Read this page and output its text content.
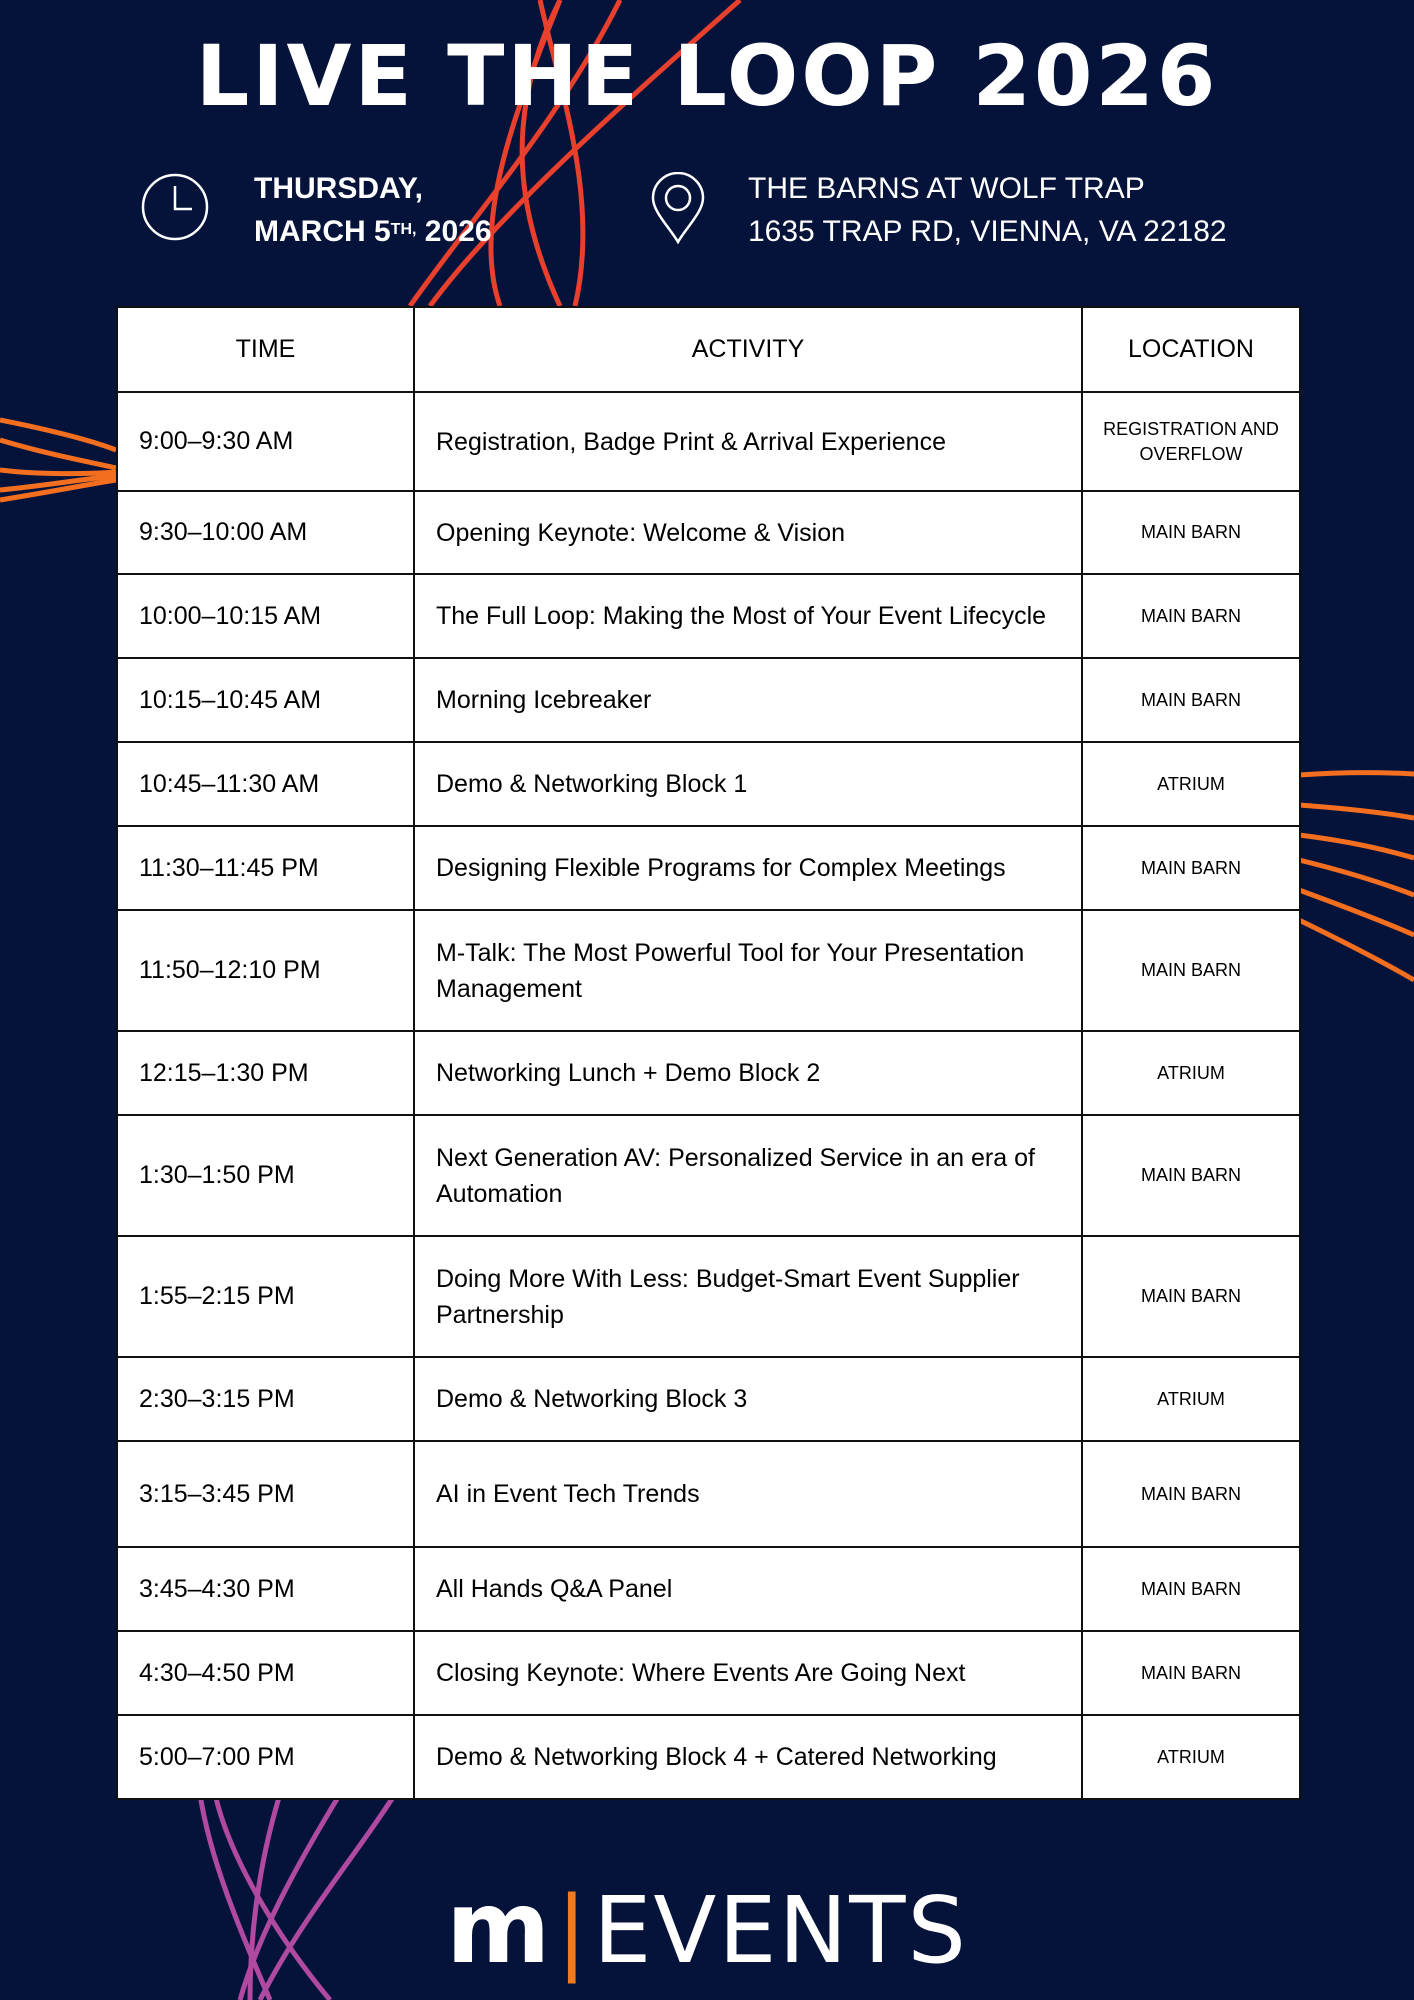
LIVE THE LOOP 2026
THURSDAY,
MARCH $5^{TH,}$ 2026
THE BARNS AT WOLF TRAP
1635 TRAP RD, VIENNA, VA 22182
TIME	ACTIVITY	LOCATION
9:00–9:30 AM	Registration, Badge Print & Arrival Experience	REGISTRATION AND OVERFLOW
9:30–10:00 AM	Opening Keynote: Welcome & Vision	MAIN BARN
10:00–10:15 AM	The Full Loop: Making the Most of Your Event Lifecycle	MAIN BARN
10:15–10:45 AM	Morning Icebreaker	MAIN BARN
10:45–11:30 AM	Demo & Networking Block 1	ATRIUM
11:30–11:45 PM	Designing Flexible Programs for Complex Meetings	MAIN BARN
11:50–12:10 PM	M-Talk: The Most Powerful Tool for Your Presentation Management	MAIN BARN
12:15–1:30 PM	Networking Lunch + Demo Block 2	ATRIUM
1:30–1:50 PM	Next Generation AV: Personalized Service in an era of Automation	MAIN BARN
1:55–2:15 PM	Doing More With Less: Budget-Smart Event Supplier Partnership	MAIN BARN
2:30–3:15 PM	Demo & Networking Block 3	ATRIUM
3:15–3:45 PM	AI in Event Tech Trends	MAIN BARN
3:45–4:30 PM	All Hands Q&A Panel	MAIN BARN
4:30–4:50 PM	Closing Keynote: Where Events Are Going Next	MAIN BARN
5:00–7:00 PM	Demo & Networking Block 4 + Catered Networking	ATRIUM
m|EVENTS
